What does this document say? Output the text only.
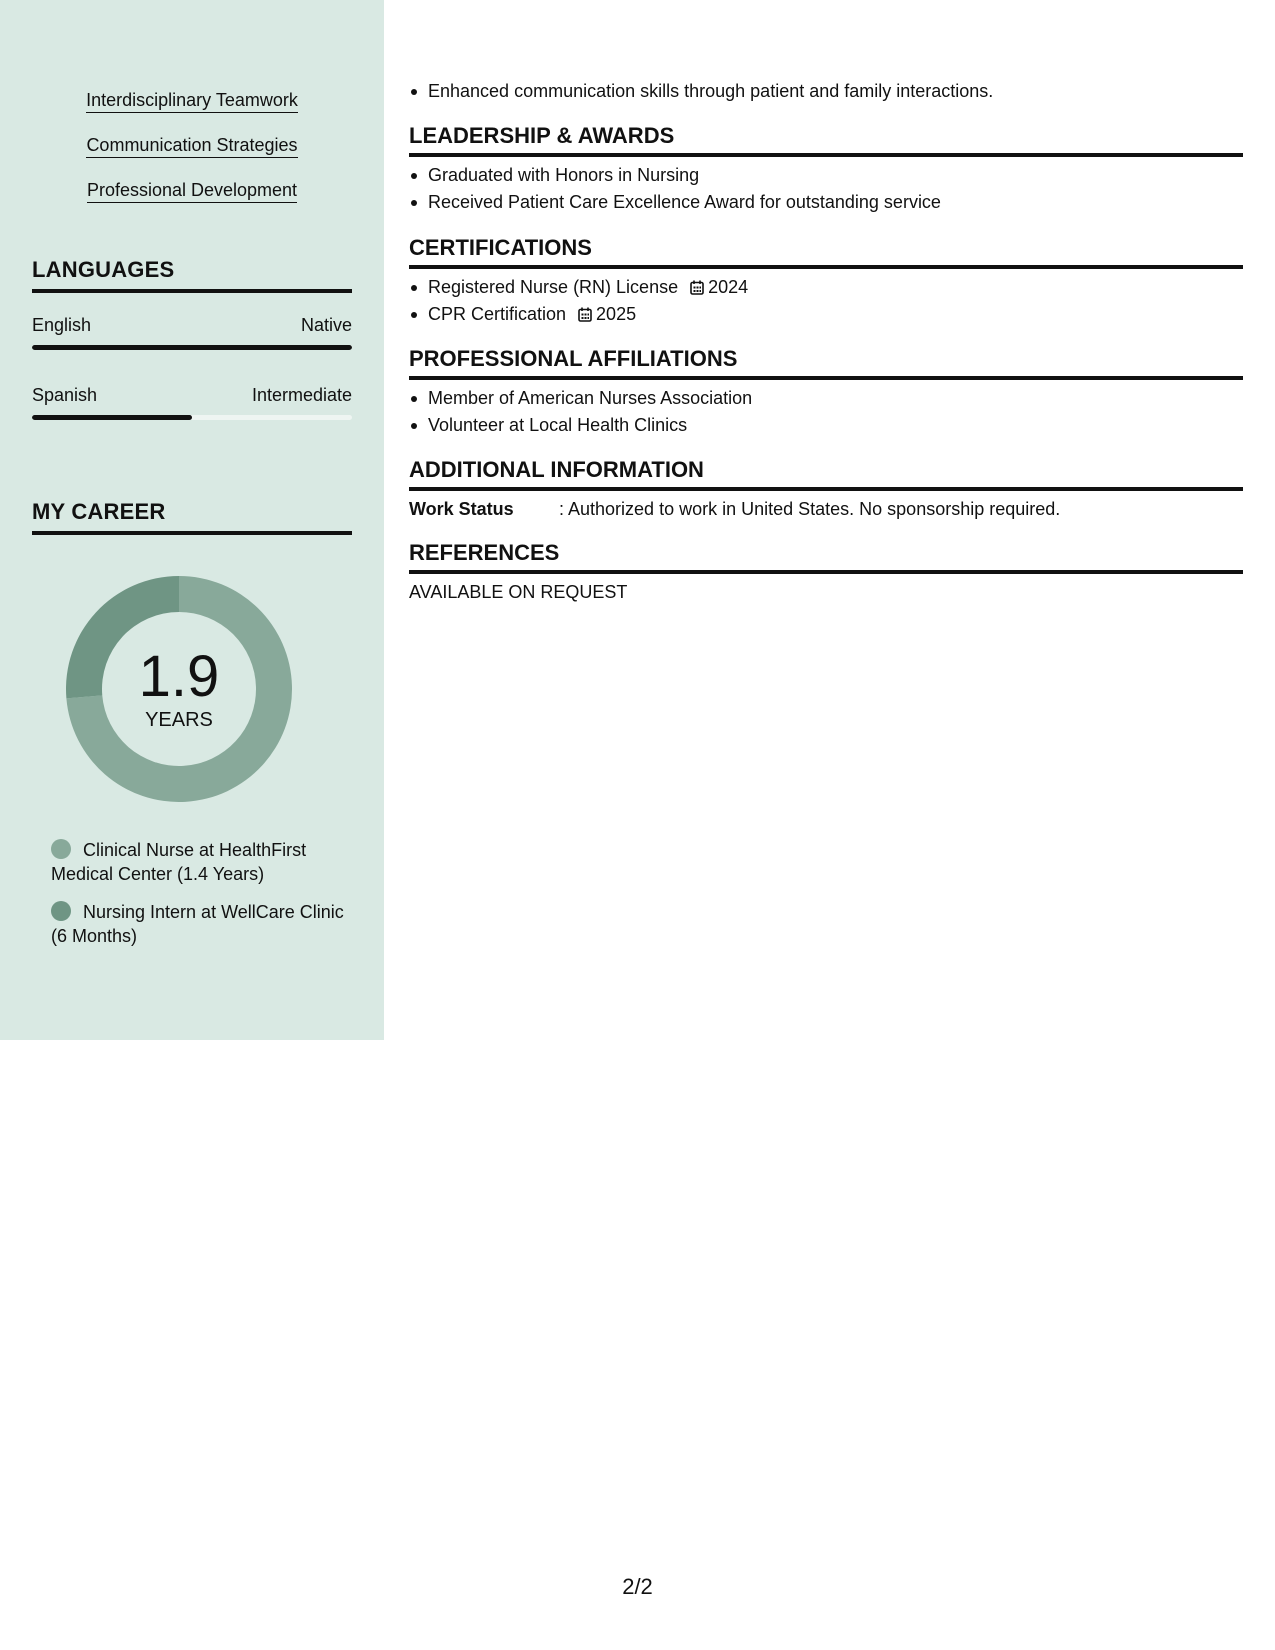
Interdisciplinary Teamwork
Communication Strategies
Professional Development
LANGUAGES
English	Native
Spanish	Intermediate
MY CAREER
1.9
YEARS
Clinical Nurse at HealthFirst Medical Center (1.4 Years)
Nursing Intern at WellCare Clinic (6 Months)
Enhanced communication skills through patient and family interactions.
LEADERSHIP & AWARDS
Graduated with Honors in Nursing
Received Patient Care Excellence Award for outstanding service
CERTIFICATIONS
Registered Nurse (RN) License 2024
CPR Certification 2025
PROFESSIONAL AFFILIATIONS
Member of American Nurses Association
Volunteer at Local Health Clinics
ADDITIONAL INFORMATION
Work Status	: Authorized to work in United States. No sponsorship required.
REFERENCES
AVAILABLE ON REQUEST
2/2
